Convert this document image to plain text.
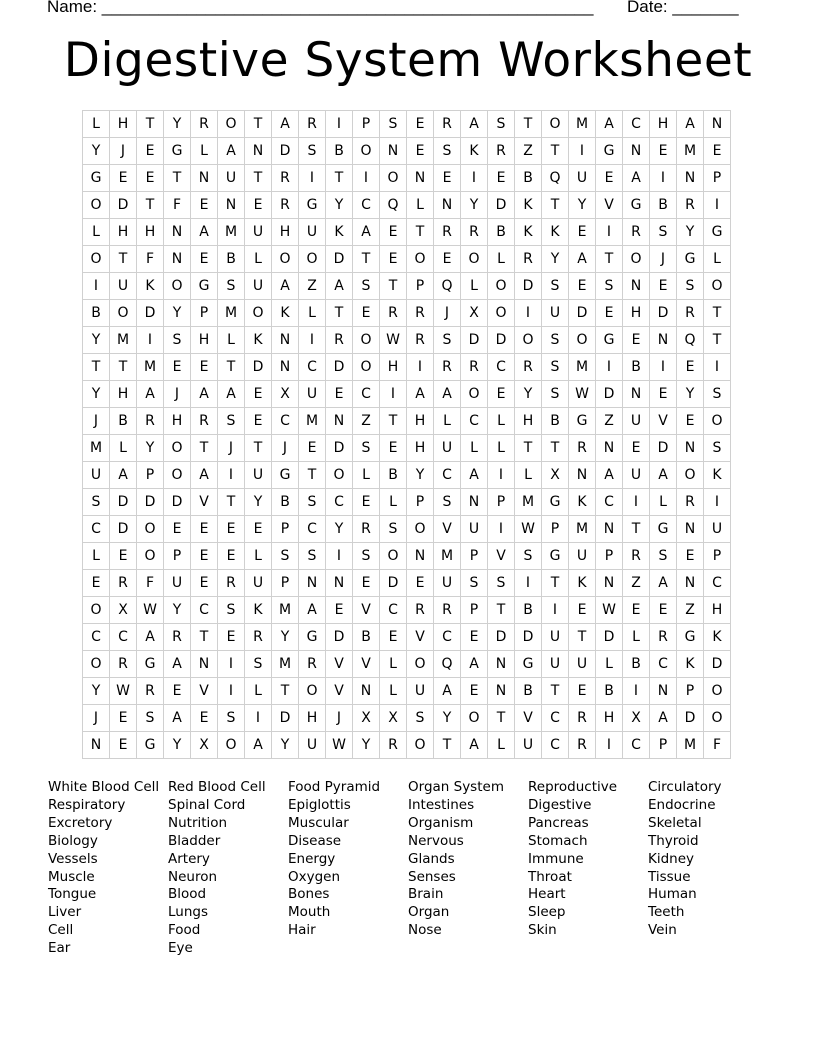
Name: ____________________________________________________ Date: _______
Digestive System Worksheet
L	H	T	Y	R	O	T	A	R	I	P	S	E	R	A	S	T	O	M	A	C	H	A	N
Y	J	E	G	L	A	N	D	S	B	O	N	E	S	K	R	Z	T	I	G	N	E	M	E
G	E	E	T	N	U	T	R	I	T	I	O	N	E	I	E	B	Q	U	E	A	I	N	P
O	D	T	F	E	N	E	R	G	Y	C	Q	L	N	Y	D	K	T	Y	V	G	B	R	I
L	H	H	N	A	M	U	H	U	K	A	E	T	R	R	B	K	K	E	I	R	S	Y	G
O	T	F	N	E	B	L	O	O	D	T	E	O	E	O	L	R	Y	A	T	O	J	G	L
I	U	K	O	G	S	U	A	Z	A	S	T	P	Q	L	O	D	S	E	S	N	E	S	O
B	O	D	Y	P	M	O	K	L	T	E	R	R	J	X	O	I	U	D	E	H	D	R	T
Y	M	I	S	H	L	K	N	I	R	O	W	R	S	D	D	O	S	O	G	E	N	Q	T
T	T	M	E	E	T	D	N	C	D	O	H	I	R	R	C	R	S	M	I	B	I	E	I
Y	H	A	J	A	A	E	X	U	E	C	I	A	A	O	E	Y	S	W	D	N	E	Y	S
J	B	R	H	R	S	E	C	M	N	Z	T	H	L	C	L	H	B	G	Z	U	V	E	O
M	L	Y	O	T	J	T	J	E	D	S	E	H	U	L	L	T	T	R	N	E	D	N	S
U	A	P	O	A	I	U	G	T	O	L	B	Y	C	A	I	L	X	N	A	U	A	O	K
S	D	D	D	V	T	Y	B	S	C	E	L	P	S	N	P	M	G	K	C	I	L	R	I
C	D	O	E	E	E	E	P	C	Y	R	S	O	V	U	I	W	P	M	N	T	G	N	U
L	E	O	P	E	E	L	S	S	I	S	O	N	M	P	V	S	G	U	P	R	S	E	P
E	R	F	U	E	R	U	P	N	N	E	D	E	U	S	S	I	T	K	N	Z	A	N	C
O	X	W	Y	C	S	K	M	A	E	V	C	R	R	P	T	B	I	E	W	E	E	Z	H
C	C	A	R	T	E	R	Y	G	D	B	E	V	C	E	D	D	U	T	D	L	R	G	K
O	R	G	A	N	I	S	M	R	V	V	L	O	Q	A	N	G	U	U	L	B	C	K	D
Y	W	R	E	V	I	L	T	O	V	N	L	U	A	E	N	B	T	E	B	I	N	P	O
J	E	S	A	E	S	I	D	H	J	X	X	S	Y	O	T	V	C	R	H	X	A	D	O
N	E	G	Y	X	O	A	Y	U	W	Y	R	O	T	A	L	U	C	R	I	C	P	M	F
White Blood Cell
Respiratory
Excretory
Biology
Vessels
Muscle
Tongue
Liver
Cell
Ear
Red Blood Cell
Spinal Cord
Nutrition
Bladder
Artery
Neuron
Blood
Lungs
Food
Eye
Food Pyramid
Epiglottis
Muscular
Disease
Energy
Oxygen
Bones
Mouth
Hair
Organ System
Intestines
Organism
Nervous
Glands
Senses
Brain
Organ
Nose
Reproductive
Digestive
Pancreas
Stomach
Immune
Throat
Heart
Sleep
Skin
Circulatory
Endocrine
Skeletal
Thyroid
Kidney
Tissue
Human
Teeth
Vein
